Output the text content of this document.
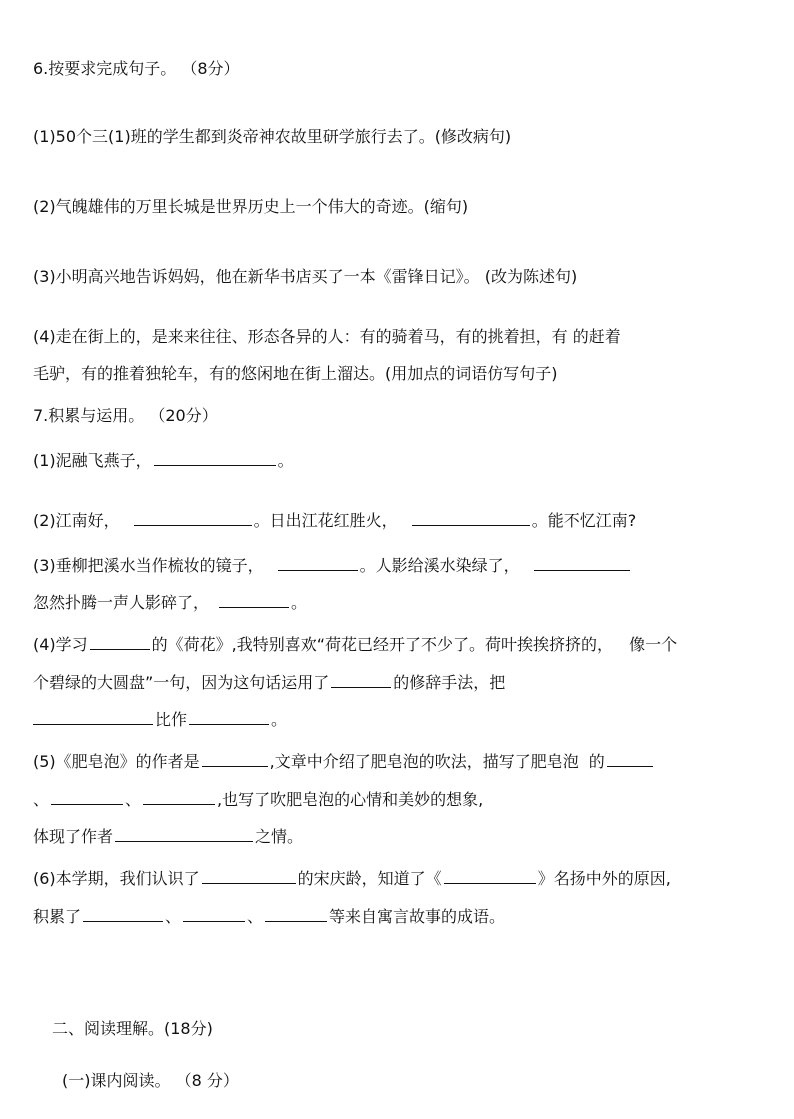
6.按要求完成句子。 （8分）
(1)50个三(1)班的学生都到炎帝神农故里研学旅行去了。(修改病句)
(2)气魄雄伟的万里长城是世界历史上一个伟大的奇迹。(缩句)
(3)小明高兴地告诉妈妈，他在新华书店买了一本《雷锋日记》。 (改为陈述句)
(4)走在街上的，是来来往往、形态各异的人：有的骑着马，有的挑着担，有 的赶着
毛驴，有的推着独轮车，有的悠闲地在街上溜达。(用加点的词语仿写句子)
7.积累与运用。 （20分）
(1)泥融飞燕子，	。
(2)江南好，	。日出江花红胜火，	。能不忆江南?
(3)垂柳把溪水当作梳妆的镜子，	。人影给溪水染绿了，
忽然扑腾一声人影碎了，	。
(4)学习	的《荷花》,我特别喜欢“荷花已经开了不少了。荷叶挨挨挤挤的， 像一个
个碧绿的大圆盘”一句，因为这句话运用了	的修辞手法，把
比作	。
(5)《肥皂泡》的作者是	,文章中介绍了肥皂泡的吹法，描写了肥皂泡 的
、	、	,也写了吹肥皂泡的心情和美妙的想象,
体现了作者	之情。
(6)本学期，我们认识了	的宋庆龄，知道了《	》名扬中外的原因,
积累了	、	、	等来自寓言故事的成语。
二、阅读理解。(18分)
(一)课内阅读。 （8 分）
